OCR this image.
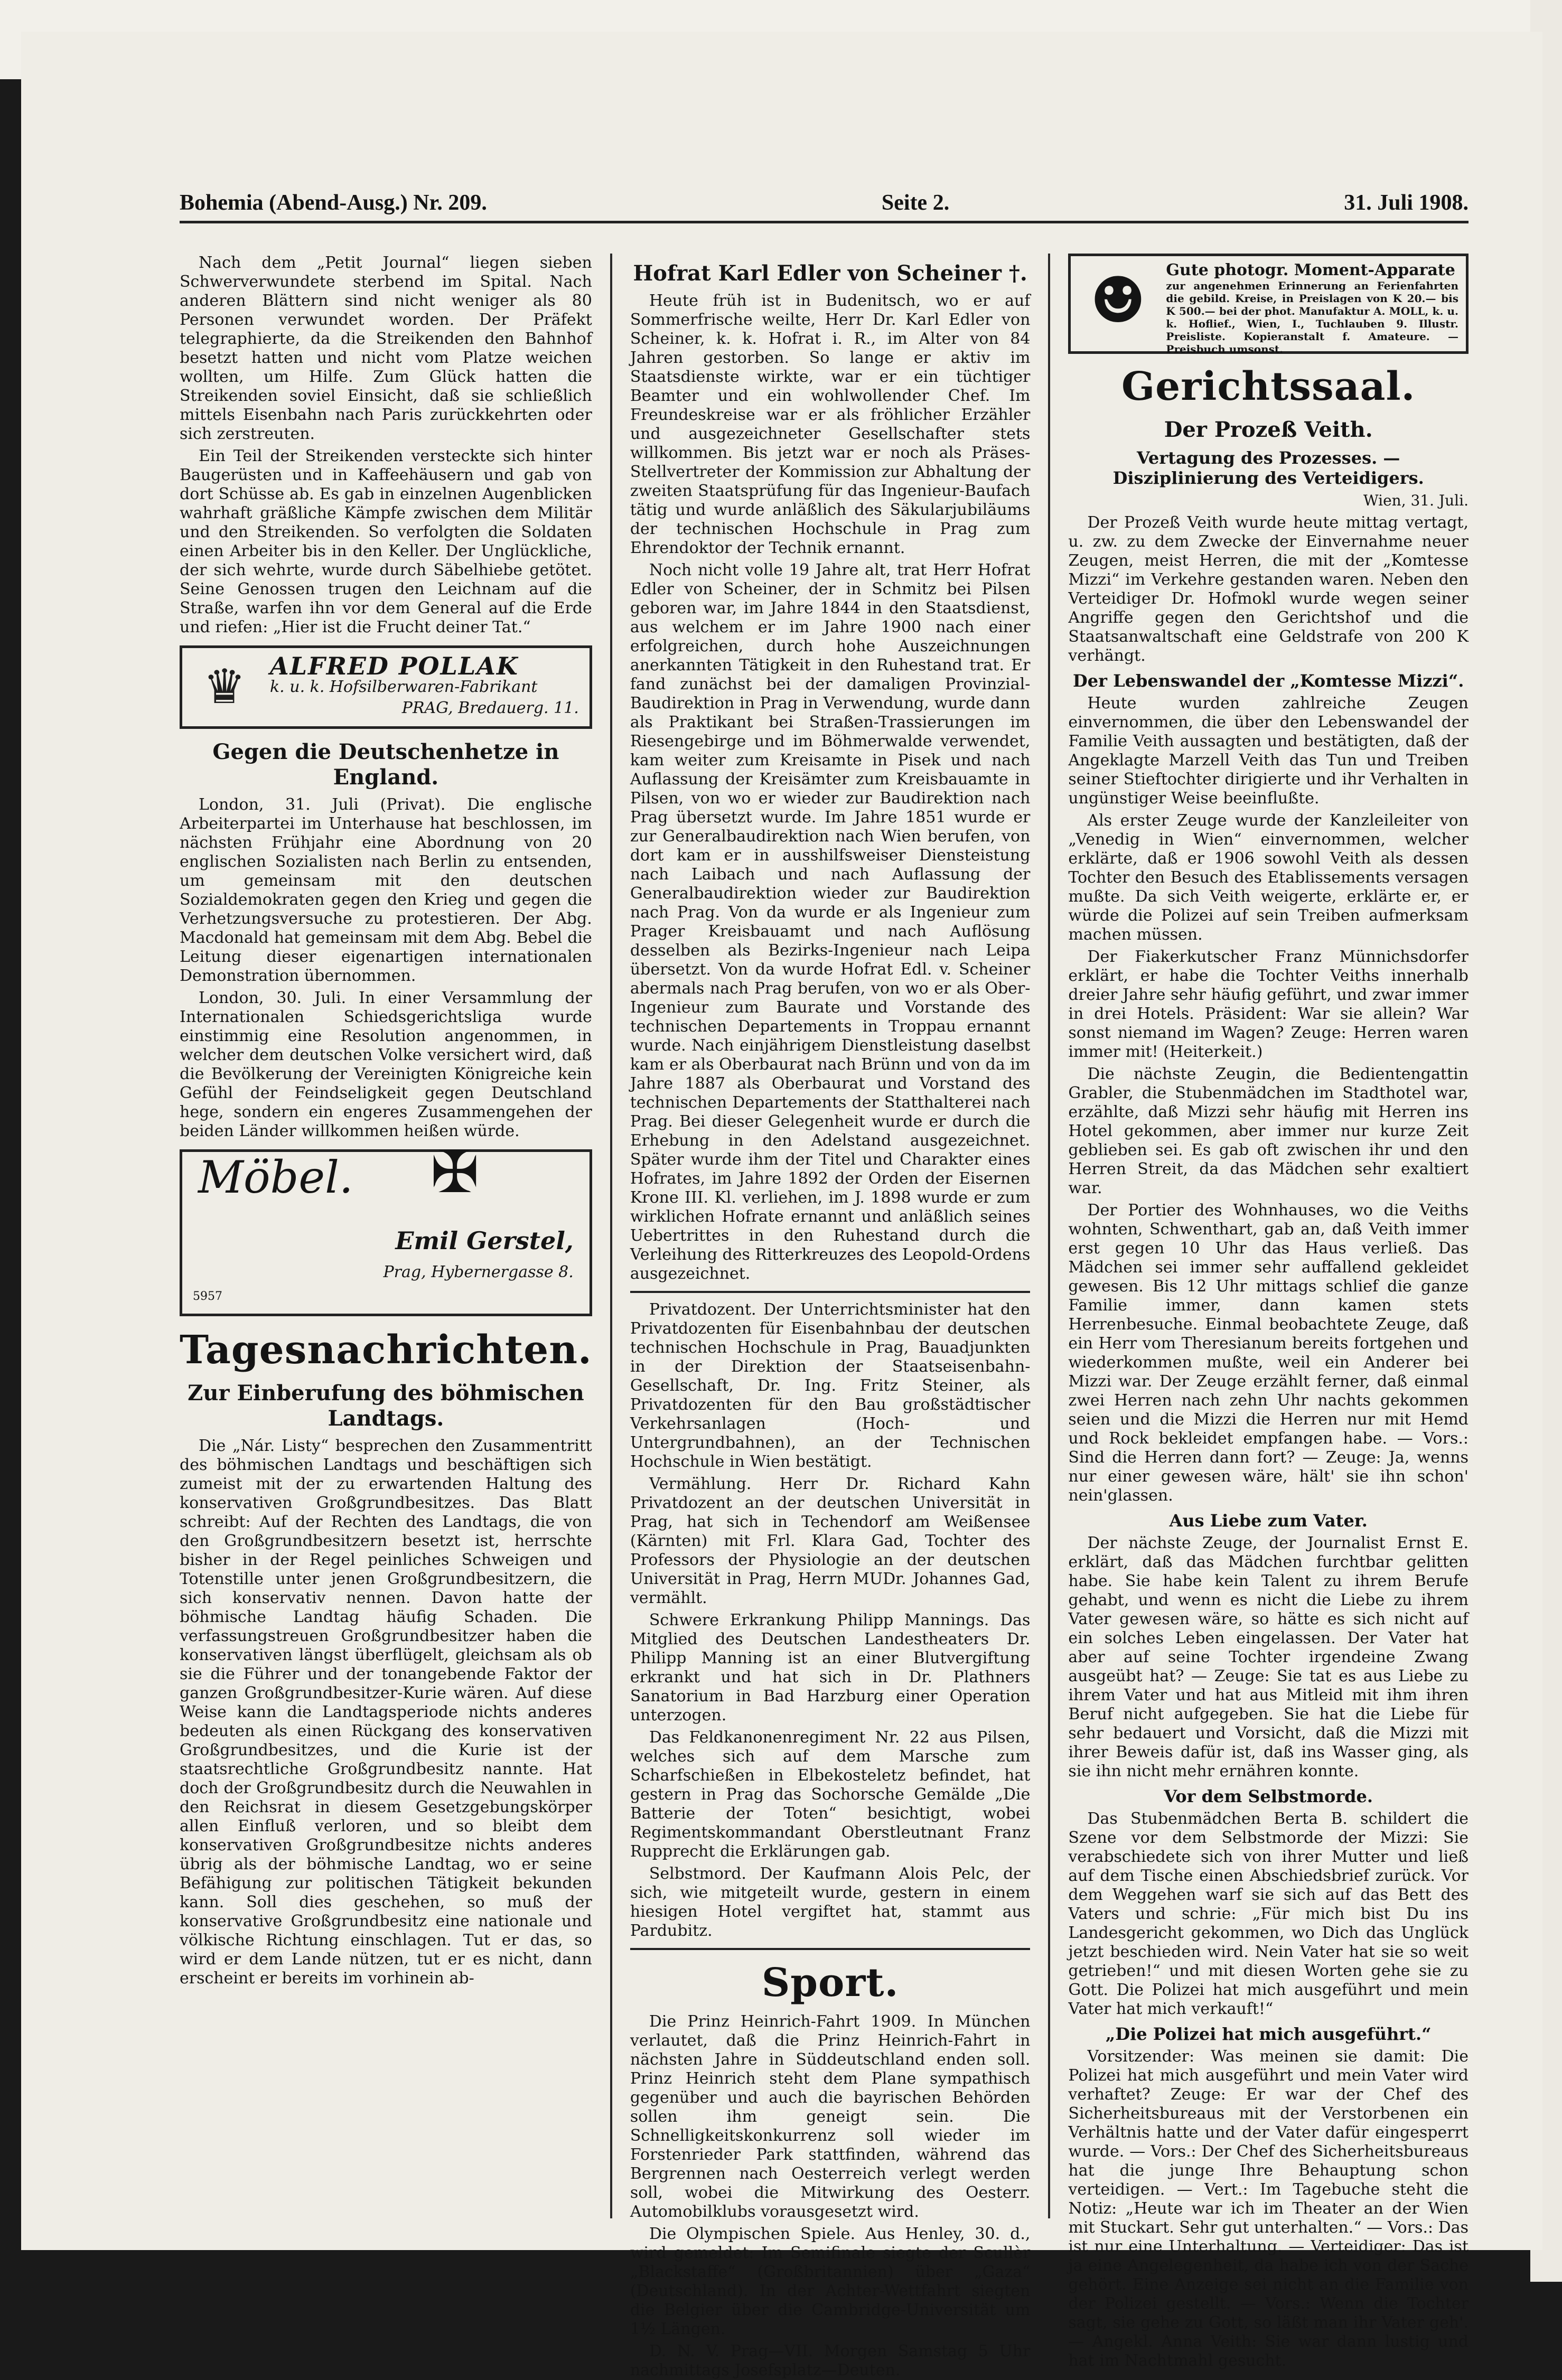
Bohemia (Abend-Ausg.) Nr. 209.	Seite 2.	31. Juli 1908.

Nach dem „Petit Journal“ liegen sieben Schwerverwundete sterbend im Spital. Nach anderen Blättern sind nicht weniger als 80 Personen verwundet worden. Der Präfekt telegraphierte, da die Streikenden den Bahnhof besetzt hatten und nicht vom Platze weichen wollten, um Hilfe. Zum Glück hatten die Streikenden soviel Einsicht, daß sie schließlich mittels Eisenbahn nach Paris zurückkehrten oder sich zerstreuten.

Ein Teil der Streikenden versteckte sich hinter Baugerüsten und in Kaffeehäusern und gab von dort Schüsse ab. Es gab in einzelnen Augenblicken wahrhaft gräßliche Kämpfe zwischen dem Militär und den Streikenden. So verfolgten die Soldaten einen Arbeiter bis in den Keller. Der Unglückliche, der sich wehrte, wurde durch Säbelhiebe getötet. Seine Genossen trugen den Leichnam auf die Straße, warfen ihn vor dem General auf die Erde und riefen: „Hier ist die Frucht deiner Tat.“

♛ ALFRED POLLAK
k. u. k. Hofsilberwaren-Fabrikant
PRAG, Bredauerg. 11.
Gegen die Deutschenhetze in England.

London, 31. Juli (Privat). Die englische Arbeiterpartei im Unterhause hat beschlossen, im nächsten Frühjahr eine Abordnung von 20 englischen Sozialisten nach Berlin zu entsenden, um gemeinsam mit den deutschen Sozialdemokraten gegen den Krieg und gegen die Verhetzungsversuche zu protestieren. Der Abg. Macdonald hat gemeinsam mit dem Abg. Bebel die Leitung dieser eigenartigen internationalen Demonstration übernommen.

London, 30. Juli. In einer Versammlung der Internationalen Schiedsgerichtsliga wurde einstimmig eine Resolution angenommen, in welcher dem deutschen Volke versichert wird, daß die Bevölkerung der Vereinigten Königreiche kein Gefühl der Feindseligkeit gegen Deutschland hege, sondern ein engeres Zusammengehen der beiden Länder willkommen heißen würde.

Möbel. ✠
Emil Gerstel,
Prag, Hybernergasse 8.
5957
Tagesnachrichten.
Zur Einberufung des böhmischen Landtags.

Die „Nár. Listy“ besprechen den Zusammentritt des böhmischen Landtags und beschäftigen sich zumeist mit der zu erwartenden Haltung des konservativen Großgrundbesitzes. Das Blatt schreibt: Auf der Rechten des Landtags, die von den Großgrundbesitzern besetzt ist, herrschte bisher in der Regel peinliches Schweigen und Totenstille unter jenen Großgrundbesitzern, die sich konservativ nennen. Davon hatte der böhmische Landtag häufig Schaden. Die verfassungstreuen Großgrundbesitzer haben die konservativen längst überflügelt, gleichsam als ob sie die Führer und der tonangebende Faktor der ganzen Großgrundbesitzer-Kurie wären. Auf diese Weise kann die Landtagsperiode nichts anderes bedeuten als einen Rückgang des konservativen Großgrundbesitzes, und die Kurie ist der staatsrechtliche Großgrundbesitz nannte. Hat doch der Großgrundbesitz durch die Neuwahlen in den Reichsrat in diesem Gesetzgebungskörper allen Einfluß verloren, und so bleibt dem konservativen Großgrundbesitze nichts anderes übrig als der böhmische Landtag, wo er seine Befähigung zur politischen Tätigkeit bekunden kann. Soll dies geschehen, so muß der konservative Großgrundbesitz eine nationale und völkische Richtung einschlagen. Tut er das, so wird er dem Lande nützen, tut er es nicht, dann erscheint er bereits im vorhinein ab-

Hofrat Karl Edler von Scheiner †.

Heute früh ist in Budenitsch, wo er auf Sommerfrische weilte, Herr Dr. Karl Edler von Scheiner, k. k. Hofrat i. R., im Alter von 84 Jahren gestorben. So lange er aktiv im Staatsdienste wirkte, war er ein tüchtiger Beamter und ein wohlwollender Chef. Im Freundeskreise war er als fröhlicher Erzähler und ausgezeichneter Gesellschafter stets willkommen. Bis jetzt war er noch als Präses-Stellvertreter der Kommission zur Abhaltung der zweiten Staatsprüfung für das Ingenieur-Baufach tätig und wurde anläßlich des Säkularjubiläums der technischen Hochschule in Prag zum Ehrendoktor der Technik ernannt.

Noch nicht volle 19 Jahre alt, trat Herr Hofrat Edler von Scheiner, der in Schmitz bei Pilsen geboren war, im Jahre 1844 in den Staatsdienst, aus welchem er im Jahre 1900 nach einer erfolgreichen, durch hohe Auszeichnungen anerkannten Tätigkeit in den Ruhestand trat. Er fand zunächst bei der damaligen Provinzial-Baudirektion in Prag in Verwendung, wurde dann als Praktikant bei Straßen-Trassierungen im Riesengebirge und im Böhmerwalde verwendet, kam weiter zum Kreisamte in Pisek und nach Auflassung der Kreisämter zum Kreisbauamte in Pilsen, von wo er wieder zur Baudirektion nach Prag übersetzt wurde. Im Jahre 1851 wurde er zur Generalbaudirektion nach Wien berufen, von dort kam er in ausshilfsweiser Diensteistung nach Laibach und nach Auflassung der Generalbaudirektion wieder zur Baudirektion nach Prag. Von da wurde er als Ingenieur zum Prager Kreisbauamt und nach Auflösung desselben als Bezirks-Ingenieur nach Leipa übersetzt. Von da wurde Hofrat Edl. v. Scheiner abermals nach Prag berufen, von wo er als Ober-Ingenieur zum Baurate und Vorstande des technischen Departements in Troppau ernannt wurde. Nach einjährigem Dienstleistung daselbst kam er als Oberbaurat nach Brünn und von da im Jahre 1887 als Oberbaurat und Vorstand des technischen Departements der Statthalterei nach Prag. Bei dieser Gelegenheit wurde er durch die Erhebung in den Adelstand ausgezeichnet. Später wurde ihm der Titel und Charakter eines Hofrates, im Jahre 1892 der Orden der Eisernen Krone III. Kl. verliehen, im J. 1898 wurde er zum wirklichen Hofrate ernannt und anläßlich seines Uebertrittes in den Ruhestand durch die Verleihung des Ritterkreuzes des Leopold-Ordens ausgezeichnet.

Privatdozent. Der Unterrichtsminister hat den Privatdozenten für Eisenbahnbau der deutschen technischen Hochschule in Prag, Bauadjunkten in der Direktion der Staatseisenbahn-Gesellschaft, Dr. Ing. Fritz Steiner, als Privatdozenten für den Bau großstädtischer Verkehrsanlagen (Hoch- und Untergrundbahnen), an der Technischen Hochschule in Wien bestätigt.

Vermählung. Herr Dr. Richard Kahn Privatdozent an der deutschen Universität in Prag, hat sich in Techendorf am Weißensee (Kärnten) mit Frl. Klara Gad, Tochter des Professors der Physiologie an der deutschen Universität in Prag, Herrn MUDr. Johannes Gad, vermählt.

Schwere Erkrankung Philipp Mannings. Das Mitglied des Deutschen Landestheaters Dr. Philipp Manning ist an einer Blutvergiftung erkrankt und hat sich in Dr. Plathners Sanatorium in Bad Harzburg einer Operation unterzogen.

Das Feldkanonenregiment Nr. 22 aus Pilsen, welches sich auf dem Marsche zum Scharfschießen in Elbekosteletz befindet, hat gestern in Prag das Sochorsche Gemälde „Die Batterie der Toten“ besichtigt, wobei Regimentskommandant Oberstleutnant Franz Rupprecht die Erklärungen gab.

Selbstmord. Der Kaufmann Alois Pelc, der sich, wie mitgeteilt wurde, gestern in einem hiesigen Hotel vergiftet hat, stammt aus Pardubitz.

Sport.

Die Prinz Heinrich-Fahrt 1909. In München verlautet, daß die Prinz Heinrich-Fahrt in nächsten Jahre in Süddeutschland enden soll. Prinz Heinrich steht dem Plane sympathisch gegenüber und auch die bayrischen Behörden sollen ihm geneigt sein. Die Schnelligkeitskonkurrenz soll wieder im Forstenrieder Park stattfinden, während das Bergrennen nach Oesterreich verlegt werden soll, wobei die Mitwirkung des Oesterr. Automobilklubs vorausgesetzt wird.

Die Olympischen Spiele. Aus Henley, 30. d., wird gemeldet: Im Semifinale siegte der Scullèr „Blackstaffe“ (Großbritannien) über „Gaza“ (Deutschland). In der Achter-Wettfahrt siegten die Belgier über die Cambridge-Universität um 1½ Längen.

D. N. V. Prag—VII. Morgen Samstag 5 Uhr nachmittags Josefsplatz—Deuten.

☻	Gute photogr. Moment-Apparate
zur angenehmen Erinnerung an Ferienfahrten die gebild. Kreise, in Preislagen von K 20.— bis K 500.— bei der phot. Manufaktur A. MOLL, k. u. k. Hoflief., Wien, I., Tuchlauben 9. Illustr. Preisliste. Kopieranstalt f. Amateure. — Preisbuch umsonst.
Gerichtssaal.
Der Prozeß Veith.
Vertagung des Prozesses. — Disziplinierung des Verteidigers.
Wien, 31. Juli.

Der Prozeß Veith wurde heute mittag vertagt, u. zw. zu dem Zwecke der Einvernahme neuer Zeugen, meist Herren, die mit der „Komtesse Mizzi“ im Verkehre gestanden waren. Neben den Verteidiger Dr. Hofmokl wurde wegen seiner Angriffe gegen den Gerichtshof und die Staatsanwaltschaft eine Geldstrafe von 200 K verhängt.

Der Lebenswandel der „Komtesse Mizzi“.

Heute wurden zahlreiche Zeugen einvernommen, die über den Lebenswandel der Familie Veith aussagten und bestätigten, daß der Angeklagte Marzell Veith das Tun und Treiben seiner Stieftochter dirigierte und ihr Verhalten in ungünstiger Weise beeinflußte.

Als erster Zeuge wurde der Kanzleileiter von „Venedig in Wien“ einvernommen, welcher erklärte, daß er 1906 sowohl Veith als dessen Tochter den Besuch des Etablissements versagen mußte. Da sich Veith weigerte, erklärte er, er würde die Polizei auf sein Treiben aufmerksam machen müssen.

Der Fiakerkutscher Franz Münnichsdorfer erklärt, er habe die Tochter Veiths innerhalb dreier Jahre sehr häufig geführt, und zwar immer in drei Hotels. Präsident: War sie allein? War sonst niemand im Wagen? Zeuge: Herren waren immer mit! (Heiterkeit.)

Die nächste Zeugin, die Bedientengattin Grabler, die Stubenmädchen im Stadthotel war, erzählte, daß Mizzi sehr häufig mit Herren ins Hotel gekommen, aber immer nur kurze Zeit geblieben sei. Es gab oft zwischen ihr und den Herren Streit, da das Mädchen sehr exaltiert war.

Der Portier des Wohnhauses, wo die Veiths wohnten, Schwenthart, gab an, daß Veith immer erst gegen 10 Uhr das Haus verließ. Das Mädchen sei immer sehr auffallend gekleidet gewesen. Bis 12 Uhr mittags schlief die ganze Familie immer, dann kamen stets Herrenbesuche. Einmal beobachtete Zeuge, daß ein Herr vom Theresianum bereits fortgehen und wiederkommen mußte, weil ein Anderer bei Mizzi war. Der Zeuge erzählt ferner, daß einmal zwei Herren nach zehn Uhr nachts gekommen seien und die Mizzi die Herren nur mit Hemd und Rock bekleidet empfangen habe. — Vors.: Sind die Herren dann fort? — Zeuge: Ja, wenns nur einer gewesen wäre, hält' sie ihn schon' nein'glassen.

Aus Liebe zum Vater.

Der nächste Zeuge, der Journalist Ernst E. erklärt, daß das Mädchen furchtbar gelitten habe. Sie habe kein Talent zu ihrem Berufe gehabt, und wenn es nicht die Liebe zu ihrem Vater gewesen wäre, so hätte es sich nicht auf ein solches Leben eingelassen. Der Vater hat aber auf seine Tochter irgendeine Zwang ausgeübt hat? — Zeuge: Sie tat es aus Liebe zu ihrem Vater und hat aus Mitleid mit ihm ihren Beruf nicht aufgegeben. Sie hat die Liebe für sehr bedauert und Vorsicht, daß die Mizzi mit ihrer Beweis dafür ist, daß ins Wasser ging, als sie ihn nicht mehr ernähren konnte.

Vor dem Selbstmorde.

Das Stubenmädchen Berta B. schildert die Szene vor dem Selbstmorde der Mizzi: Sie verabschiedete sich von ihrer Mutter und ließ auf dem Tische einen Abschiedsbrief zurück. Vor dem Weggehen warf sie sich auf das Bett des Vaters und schrie: „Für mich bist Du ins Landesgericht gekommen, wo Dich das Unglück jetzt beschieden wird. Nein Vater hat sie so weit getrieben!“ und mit diesen Worten gehe sie zu Gott. Die Polizei hat mich ausgeführt und mein Vater hat mich verkauft!“

„Die Polizei hat mich ausgeführt.“

Vorsitzender: Was meinen sie damit: Die Polizei hat mich ausgeführt und mein Vater wird verhaftet? Zeuge: Er war der Chef des Sicherheitsbureaus mit der Verstorbenen ein Verhältnis hatte und der Vater dafür eingesperrt wurde. — Vors.: Der Chef des Sicherheitsbureaus hat die junge Ihre Behauptung schon verteidigen. — Vert.: Im Tagebuche steht die Notiz: „Heute war ich im Theater an der Wien mit Stuckart. Sehr gut unterhalten.“ — Vors.: Das ist nur eine Unterhaltung. — Verteidiger: Das ist ja eine Angelegenheit, da habe ich von der Sache gehört. Eine Anzeige sei nicht an die Familie von der Polizei gestellt. — Vors.: Wenn die Tochter sagt, sie gehe zu Gott, so läßt man ihr Vater geh'. — Angekl. Anna Veith: Sie war dann lustig und hat im Nachtmahl gesucht.
